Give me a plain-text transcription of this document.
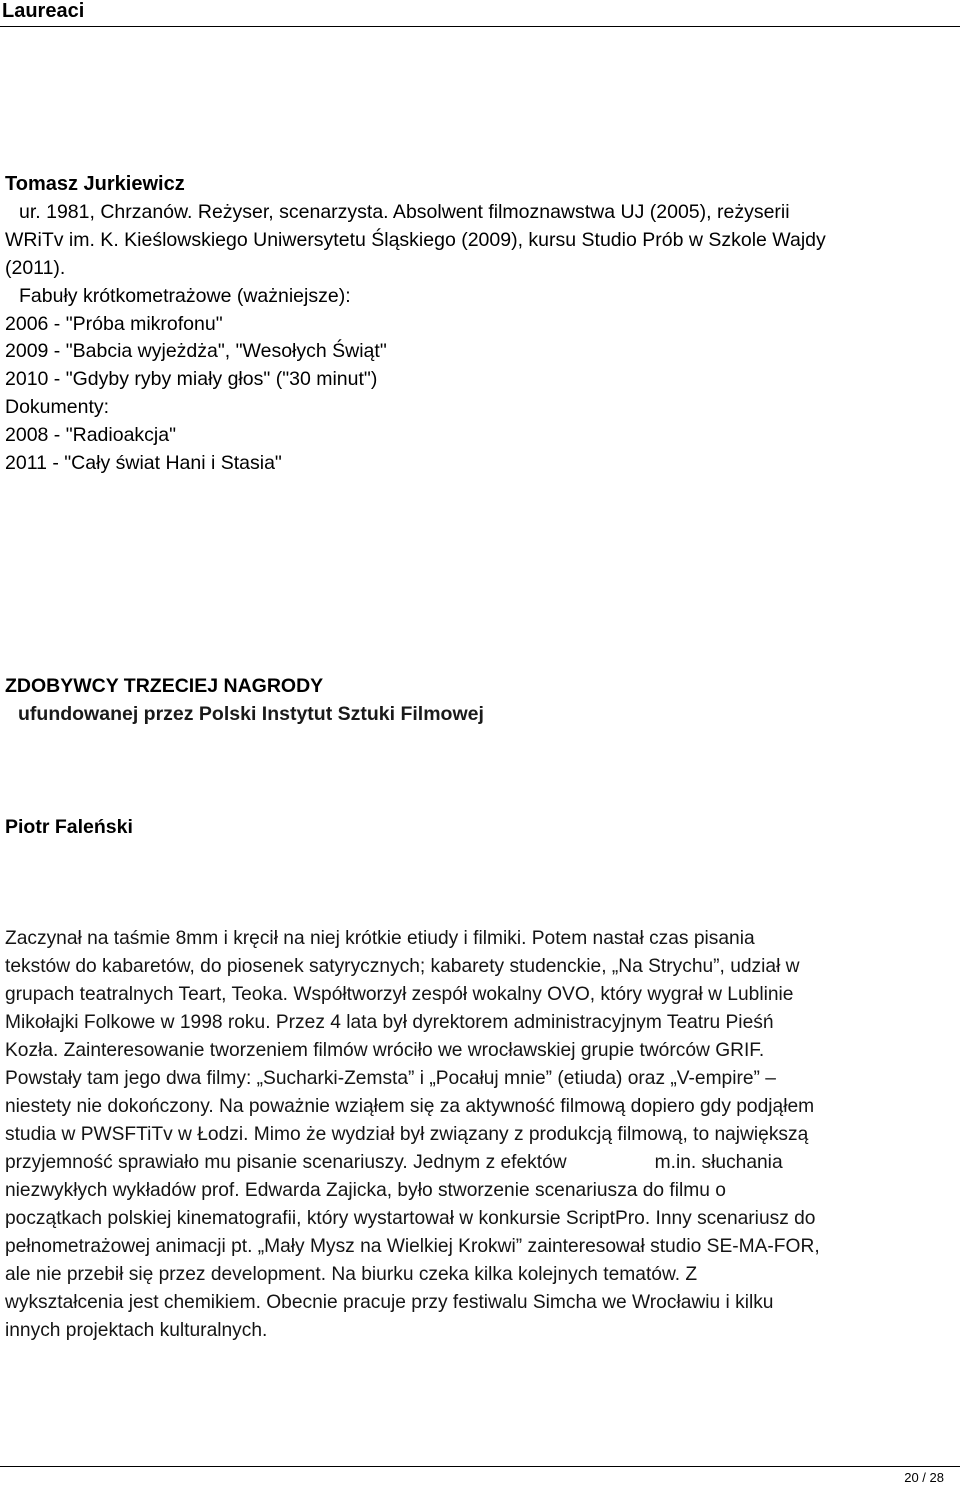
Laureaci
Tomasz Jurkiewicz
ur. 1981, Chrzanów. Reżyser, scenarzysta. Absolwent filmoznawstwa UJ (2005), reżyserii
WRiTv im. K. Kieślowskiego Uniwersytetu Śląskiego (2009), kursu Studio Prób w Szkole Wajdy
(2011).
Fabuły krótkometrażowe (ważniejsze):
2006 - "Próba mikrofonu"
2009 - "Babcia wyjeżdża", "Wesołych Świąt"
2010 - "Gdyby ryby miały głos" ("30 minut")
Dokumenty:
2008 - "Radioakcja"
2011 - "Cały świat Hani i Stasia"
ZDOBYWCY TRZECIEJ NAGRODY
ufundowanej przez Polski Instytut Sztuki Filmowej
Piotr Faleński
Zaczynał na taśmie 8mm i kręcił na niej krótkie etiudy i filmiki. Potem nastał czas pisania
tekstów do kabaretów, do piosenek satyrycznych; kabarety studenckie, „Na Strychu”, udział w
grupach teatralnych Teart, Teoka. Współtworzył zespół wokalny OVO, który wygrał w Lublinie
Mikołajki Folkowe w 1998 roku. Przez 4 lata był dyrektorem administracyjnym Teatru Pieśń
Kozła. Zainteresowanie tworzeniem filmów wróciło we wrocławskiej grupie twórców GRIF.
Powstały tam jego dwa filmy: „Sucharki-Zemsta” i „Pocałuj mnie” (etiuda) oraz „V-empire” –
niestety nie dokończony. Na poważnie wziąłem się za aktywność filmową dopiero gdy podjąłem
studia w PWSFTiTv w Łodzi. Mimo że wydział był związany z produkcją filmową, to największą
przyjemność sprawiało mu pisanie scenariuszy. Jednym z efektów	m.in. słuchania
niezwykłych wykładów prof. Edwarda Zajicka, było stworzenie scenariusza do filmu o
początkach polskiej kinematografii, który wystartował w konkursie ScriptPro. Inny scenariusz do
pełnometrażowej animacji pt. „Mały Mysz na Wielkiej Krokwi” zainteresował studio SE-MA-FOR,
ale nie przebił się przez development. Na biurku czeka kilka kolejnych tematów. Z
wykształcenia jest chemikiem. Obecnie pracuje przy festiwalu Simcha we Wrocławiu i kilku
innych projektach kulturalnych.
20 / 28
